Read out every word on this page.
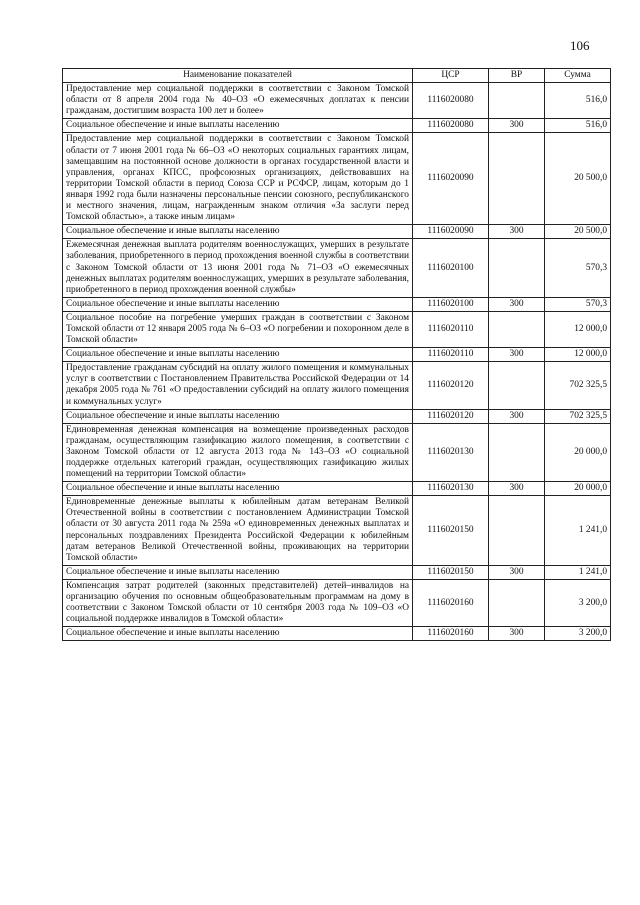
106
Наименование показателей	ЦСР	ВР	Сумма
Предоставление мер социальной поддержки в соответствии с Законом Томской области от 8 апреля 2004 года № 40–ОЗ «О ежемесячных доплатах к пенсии гражданам, достигшим возраста 100 лет и более»	1116020080		516,0
Социальное обеспечение и иные выплаты населению	1116020080	300	516,0
Предоставление мер социальной поддержки в соответствии с Законом Томской области от 7 июня 2001 года № 66–ОЗ «О некоторых социальных гарантиях лицам, замещавшим на постоянной основе должности в органах государственной власти и управления, органах КПСС, профсоюзных организациях, действовавших на территории Томской области в период Союза ССР и РСФСР, лицам, которым до 1 января 1992 года были назначены персональные пенсии союзного, республиканского и местного значения, лицам, награжденным знаком отличия «За заслуги перед Томской областью», а также иным лицам»	1116020090		20 500,0
Социальное обеспечение и иные выплаты населению	1116020090	300	20 500,0
Ежемесячная денежная выплата родителям военнослужащих, умерших в результате заболевания, приобретенного в период прохождения военной службы в соответствии с Законом Томской области от 13 июня 2001 года № 71–ОЗ «О ежемесячных денежных выплатах родителям военнослужащих, умерших в результате заболевания, приобретенного в период прохождения военной службы»	1116020100		570,3
Социальное обеспечение и иные выплаты населению	1116020100	300	570,3
Социальное пособие на погребение умерших граждан в соответствии с Законом Томской области от 12 января 2005 года № 6–ОЗ «О погребении и похоронном деле в Томской области»	1116020110		12 000,0
Социальное обеспечение и иные выплаты населению	1116020110	300	12 000,0
Предоставление гражданам субсидий на оплату жилого помещения и коммунальных услуг в соответствии с Постановлением Правительства Российской Федерации от 14 декабря 2005 года № 761 «О предоставлении субсидий на оплату жилого помещения и коммунальных услуг»	1116020120		702 325,5
Социальное обеспечение и иные выплаты населению	1116020120	300	702 325,5
Единовременная денежная компенсация на возмещение произведенных расходов гражданам, осуществляющим газификацию жилого помещения, в соответствии с Законом Томской области от 12 августа 2013 года № 143–ОЗ «О социальной поддержке отдельных категорий граждан, осуществляющих газификацию жилых помещений на территории Томской области»	1116020130		20 000,0
Социальное обеспечение и иные выплаты населению	1116020130	300	20 000,0
Единовременные денежные выплаты к юбилейным датам ветеранам Великой Отечественной войны в соответствии с постановлением Администрации Томской области от 30 августа 2011 года № 259а «О единовременных денежных выплатах и персональных поздравлениях Президента Российской Федерации к юбилейным датам ветеранов Великой Отечественной войны, проживающих на территории Томской области»	1116020150		1 241,0
Социальное обеспечение и иные выплаты населению	1116020150	300	1 241,0
Компенсация затрат родителей (законных представителей) детей–инвалидов на организацию обучения по основным общеобразовательным программам на дому в соответствии с Законом Томской области от 10 сентября 2003 года № 109–ОЗ «О социальной поддержке инвалидов в Томской области»	1116020160		3 200,0
Социальное обеспечение и иные выплаты населению	1116020160	300	3 200,0
